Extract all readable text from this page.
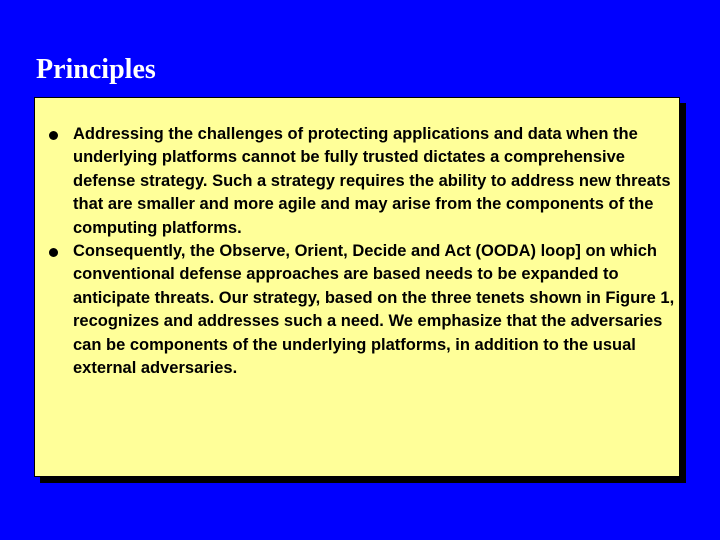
Principles
Addressing the challenges of protecting applications and data when the underlying platforms cannot be fully trusted dictates a comprehensive defense strategy. Such a strategy requires the ability to address new threats that are smaller and more agile and may arise from the components of the computing platforms.
Consequently, the Observe, Orient, Decide and Act (OODA) loop] on which conventional defense approaches are based needs to be expanded to anticipate threats. Our strategy, based on the three tenets shown in Figure 1, recognizes and addresses such a need. We emphasize that the adversaries can be components of the underlying platforms, in addition to the usual external adversaries.
